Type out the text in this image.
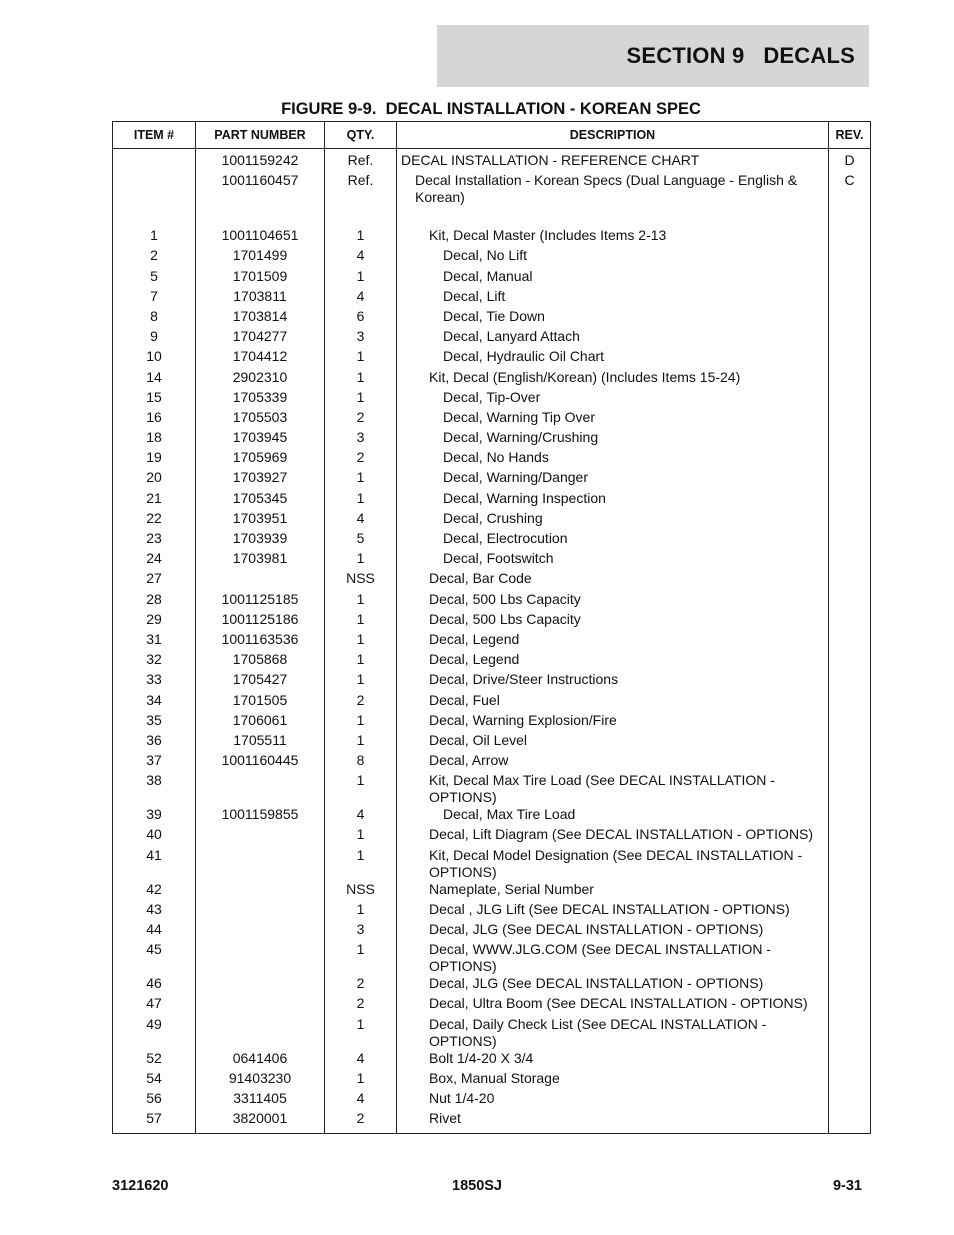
SECTION 9   DECALS
FIGURE 9-9.  DECAL INSTALLATION - KOREAN SPEC
ITEM #	PART NUMBER	QTY.	DESCRIPTION	REV.
	1001159242	Ref.	DECAL INSTALLATION - REFERENCE CHART	D
	1001160457	Ref.	Decal Installation - Korean Specs (Dual Language - English & Korean)	C

1	1001104651	1	Kit, Decal Master (Includes Items 2-13	
2	1701499	4	Decal, No Lift	
5	1701509	1	Decal, Manual	
7	1703811	4	Decal, Lift	
8	1703814	6	Decal, Tie Down	
9	1704277	3	Decal, Lanyard Attach	
10	1704412	1	Decal, Hydraulic Oil Chart	
14	2902310	1	Kit, Decal (English/Korean) (Includes Items 15-24)	
15	1705339	1	Decal, Tip-Over	
16	1705503	2	Decal, Warning Tip Over	
18	1703945	3	Decal, Warning/Crushing	
19	1705969	2	Decal, No Hands	
20	1703927	1	Decal, Warning/Danger	
21	1705345	1	Decal, Warning Inspection	
22	1703951	4	Decal, Crushing	
23	1703939	5	Decal, Electrocution	
24	1703981	1	Decal, Footswitch	
27		NSS	Decal, Bar Code	
28	1001125185	1	Decal, 500 Lbs Capacity	
29	1001125186	1	Decal, 500 Lbs Capacity	
31	1001163536	1	Decal, Legend	
32	1705868	1	Decal, Legend	
33	1705427	1	Decal, Drive/Steer Instructions	
34	1701505	2	Decal, Fuel	
35	1706061	1	Decal, Warning Explosion/Fire	
36	1705511	1	Decal, Oil Level	
37	1001160445	8	Decal, Arrow	
38		1	Kit, Decal Max Tire Load (See DECAL INSTALLATION - OPTIONS)	
39	1001159855	4	Decal, Max Tire Load	
40		1	Decal, Lift Diagram (See DECAL INSTALLATION - OPTIONS)	
41		1	Kit, Decal Model Designation (See DECAL INSTALLATION - OPTIONS)	
42		NSS	Nameplate, Serial Number	
43		1	Decal , JLG Lift (See DECAL INSTALLATION - OPTIONS)	
44		3	Decal, JLG (See DECAL INSTALLATION - OPTIONS)	
45		1	Decal, WWW.JLG.COM (See DECAL INSTALLATION - OPTIONS)	
46		2	Decal, JLG (See DECAL INSTALLATION - OPTIONS)	
47		2	Decal, Ultra Boom (See DECAL INSTALLATION - OPTIONS)	
49		1	Decal, Daily Check List (See DECAL INSTALLATION - OPTIONS)	
52	0641406	4	Bolt 1/4-20 X 3/4	
54	91403230	1	Box, Manual Storage	
56	3311405	4	Nut 1/4-20	
57	3820001	2	Rivet	
3121620	1850SJ	9-31
